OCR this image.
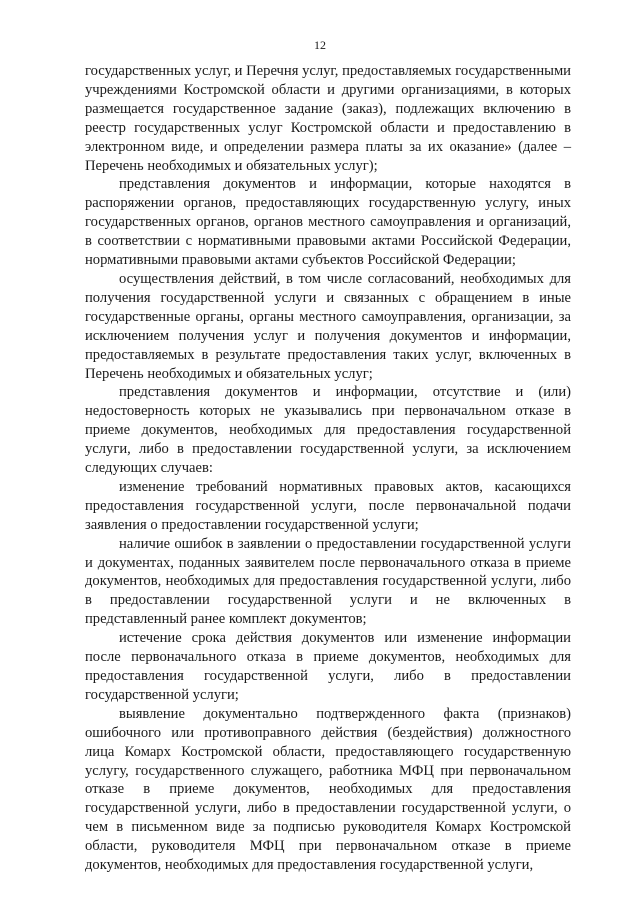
12

государственных услуг, и Перечня услуг, предоставляемых государственными учреждениями Костромской области и другими организациями, в которых размещается государственное задание (заказ), подлежащих включению в реестр государственных услуг Костромской области и предоставлению в электронном виде, и определении размера платы за их оказание» (далее – Перечень необходимых и обязательных услуг);

представления документов и информации, которые находятся в распоряжении органов, предоставляющих государственную услугу, иных государственных органов, органов местного самоуправления и организаций, в соответствии с нормативными правовыми актами Российской Федерации, нормативными правовыми актами субъектов Российской Федерации;

осуществления действий, в том числе согласований, необходимых для получения государственной услуги и связанных с обращением в иные государственные органы, органы местного самоуправления, организации, за исключением получения услуг и получения документов и информации, предоставляемых в результате предоставления таких услуг, включенных в Перечень необходимых и обязательных услуг;

представления документов и информации, отсутствие и (или) недостоверность которых не указывались при первоначальном отказе в приеме документов, необходимых для предоставления государственной услуги, либо в предоставлении государственной услуги, за исключением следующих случаев:

изменение требований нормативных правовых актов, касающихся предоставления государственной услуги, после первоначальной подачи заявления о предоставлении государственной услуги;

наличие ошибок в заявлении о предоставлении государственной услуги и документах, поданных заявителем после первоначального отказа в приеме документов, необходимых для предоставления государственной услуги, либо в предоставлении государственной услуги и не включенных в представленный ранее комплект документов;

истечение срока действия документов или изменение информации после первоначального отказа в приеме документов, необходимых для предоставления государственной услуги, либо в предоставлении государственной услуги;

выявление документально подтвержденного факта (признаков) ошибочного или противоправного действия (бездействия) должностного лица Комарх Костромской области, предоставляющего государственную услугу, государственного служащего, работника МФЦ при первоначальном отказе в приеме документов, необходимых для предоставления государственной услуги, либо в предоставлении государственной услуги, о чем в письменном виде за подписью руководителя Комарх Костромской области, руководителя МФЦ при первоначальном отказе в приеме документов, необходимых для предоставления государственной услуги,
